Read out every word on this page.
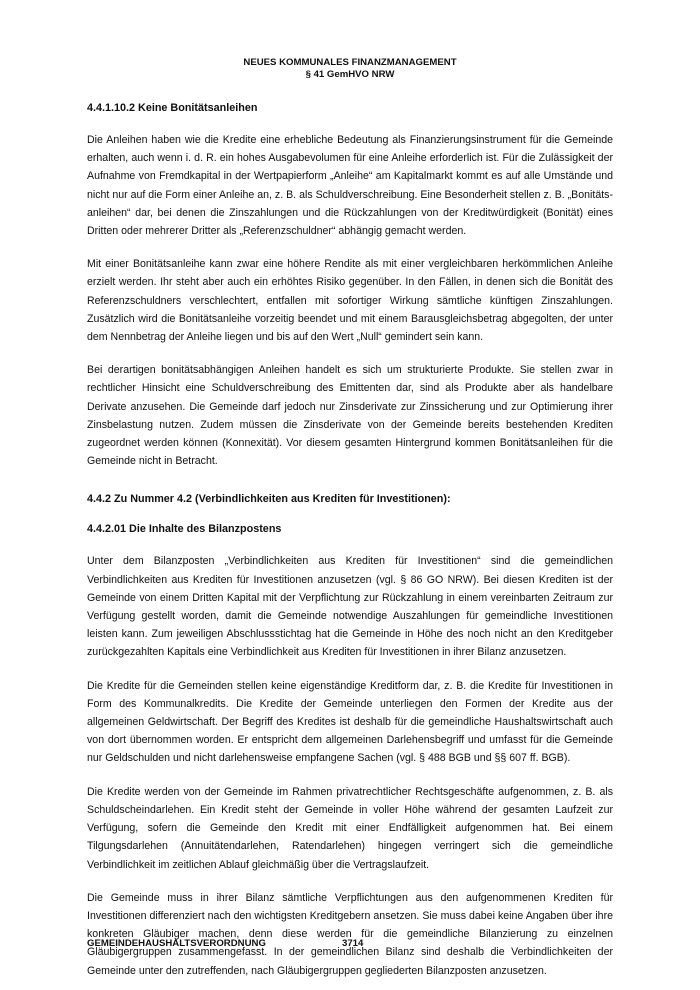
NEUES KOMMUNALES FINANZMANAGEMENT
§ 41 GemHVO NRW

4.4.1.10.2 Keine Bonitätsanleihen

Die Anleihen haben wie die Kredite eine erhebliche Bedeutung als Finanzierungsinstrument für die Gemeinde erhalten, auch wenn i. d. R. ein hohes Ausgabevolumen für eine Anleihe erforderlich ist. Für die Zulässigkeit der Aufnahme von Fremdkapital in der Wertpapierform „Anleihe“ am Kapitalmarkt kommt es auf alle Umstände und nicht nur auf die Form einer Anleihe an, z. B. als Schuldverschreibung. Eine Besonderheit stellen z. B. „Bonitätsanleihen“ dar, bei denen die Zinszahlungen und die Rückzahlungen von der Kreditwürdigkeit (Bonität) eines Dritten oder mehrerer Dritter als „Referenzschuldner“ abhängig gemacht werden.

Mit einer Bonitätsanleihe kann zwar eine höhere Rendite als mit einer vergleichbaren herkömmlichen Anleihe erzielt werden. Ihr steht aber auch ein erhöhtes Risiko gegenüber. In den Fällen, in denen sich die Bonität des Referenzschuldners verschlechtert, entfallen mit sofortiger Wirkung sämtliche künftigen Zinszahlungen. Zusätzlich wird die Bonitätsanleihe vorzeitig beendet und mit einem Barausgleichsbetrag abgegolten, der unter dem Nennbetrag der Anleihe liegen und bis auf den Wert „Null“ gemindert sein kann.

Bei derartigen bonitätsabhängigen Anleihen handelt es sich um strukturierte Produkte. Sie stellen zwar in rechtlicher Hinsicht eine Schuldverschreibung des Emittenten dar, sind als Produkte aber als handelbare Derivate anzusehen. Die Gemeinde darf jedoch nur Zinsderivate zur Zinssicherung und zur Optimierung ihrer Zinsbelastung nutzen. Zudem müssen die Zinsderivate von der Gemeinde bereits bestehenden Krediten zugeordnet werden können (Konnexität). Vor diesem gesamten Hintergrund kommen Bonitätsanleihen für die Gemeinde nicht in Betracht.

4.4.2 Zu Nummer 4.2 (Verbindlichkeiten aus Krediten für Investitionen):

4.4.2.01 Die Inhalte des Bilanzpostens

Unter dem Bilanzposten „Verbindlichkeiten aus Krediten für Investitionen“ sind die gemeindlichen Verbindlichkeiten aus Krediten für Investitionen anzusetzen (vgl. § 86 GO NRW). Bei diesen Krediten ist der Gemeinde von einem Dritten Kapital mit der Verpflichtung zur Rückzahlung in einem vereinbarten Zeitraum zur Verfügung gestellt worden, damit die Gemeinde notwendige Auszahlungen für gemeindliche Investitionen leisten kann. Zum jeweiligen Abschlussstichtag hat die Gemeinde in Höhe des noch nicht an den Kreditgeber zurückgezahlten Kapitals eine Verbindlichkeit aus Krediten für Investitionen in ihrer Bilanz anzusetzen.

Die Kredite für die Gemeinden stellen keine eigenständige Kreditform dar, z. B. die Kredite für Investitionen in Form des Kommunalkredits. Die Kredite der Gemeinde unterliegen den Formen der Kredite aus der allgemeinen Geldwirtschaft. Der Begriff des Kredites ist deshalb für die gemeindliche Haushaltswirtschaft auch von dort übernommen worden. Er entspricht dem allgemeinen Darlehensbegriff und umfasst für die Gemeinde nur Geldschulden und nicht darlehensweise empfangene Sachen (vgl. § 488 BGB und §§ 607 ff. BGB).

Die Kredite werden von der Gemeinde im Rahmen privatrechtlicher Rechtsgeschäfte aufgenommen, z. B. als Schuldscheindarlehen. Ein Kredit steht der Gemeinde in voller Höhe während der gesamten Laufzeit zur Verfügung, sofern die Gemeinde den Kredit mit einer Endfälligkeit aufgenommen hat. Bei einem Tilgungsdarlehen (Annuitätendarlehen, Ratendarlehen) hingegen verringert sich die gemeindliche Verbindlichkeit im zeitlichen Ablauf gleichmäßig über die Vertragslaufzeit.

Die Gemeinde muss in ihrer Bilanz sämtliche Verpflichtungen aus den aufgenommenen Krediten für Investitionen differenziert nach den wichtigsten Kreditgebern ansetzen. Sie muss dabei keine Angaben über ihre konkreten Gläubiger machen, denn diese werden für die gemeindliche Bilanzierung zu einzelnen Gläubigergruppen zusammengefasst. In der gemeindlichen Bilanz sind deshalb die Verbindlichkeiten der Gemeinde unter den zutreffenden, nach Gläubigergruppen gegliederten Bilanzposten anzusetzen.

GEMEINDEHAUSHALTSVERORDNUNG	3714
